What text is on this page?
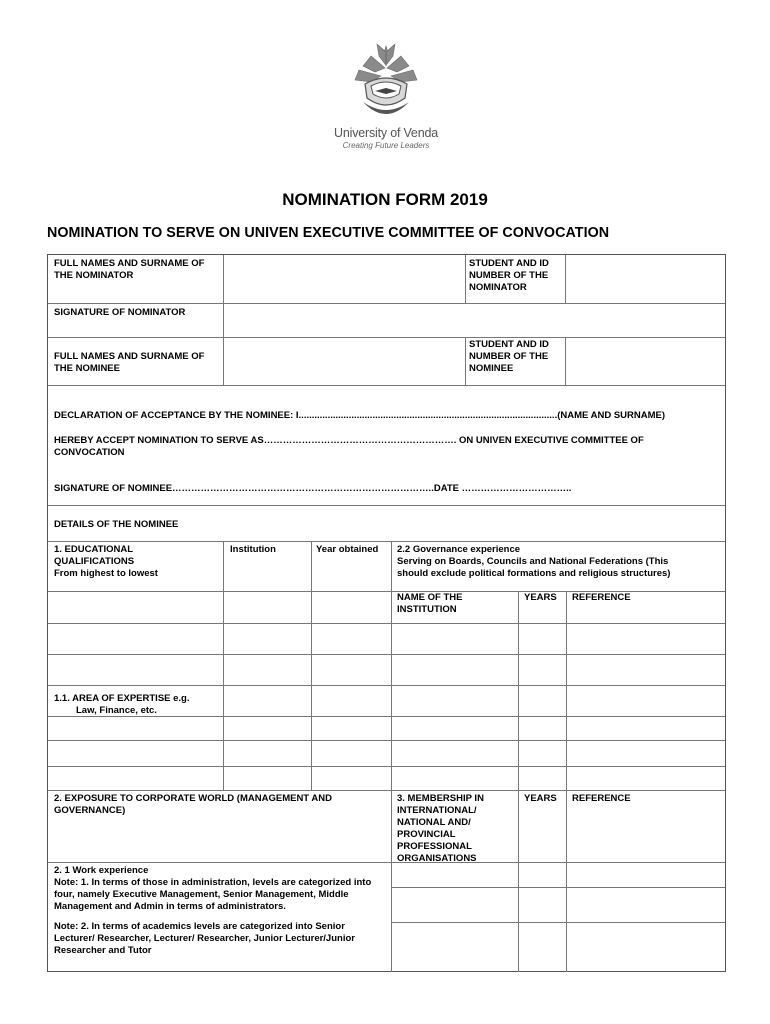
University of Venda
Creating Future Leaders
NOMINATION FORM 2019
NOMINATION TO SERVE ON UNIVEN EXECUTIVE COMMITTEE OF CONVOCATION
FULL NAMES AND SURNAME OF
THE NOMINATOR
STUDENT AND ID
NUMBER OF THE
NOMINATOR
SIGNATURE OF NOMINATOR
FULL NAMES AND SURNAME OF
THE NOMINEE
STUDENT AND ID
NUMBER OF THE
NOMINEE
DECLARATION OF ACCEPTANCE BY THE NOMINEE: I..................................................................................................(NAME AND SURNAME)
HEREBY ACCEPT NOMINATION TO SERVE AS……………………………………………………. ON UNIVEN EXECUTIVE COMMITTEE OF
CONVOCATION
SIGNATURE OF NOMINEE………………………………………………………………………..DATE ……………………………..
DETAILS OF THE NOMINEE
1. EDUCATIONAL
QUALIFICATIONS
From highest to lowest
Institution	Year obtained 2.2 Governance experience
Serving on Boards, Councils and National Federations (This
should exclude political formations and religious structures)
NAME OF THE
INSTITUTION
YEARS REFERENCE
1.1. AREA OF EXPERTISE e.g.
Law, Finance, etc.
2. EXPOSURE TO CORPORATE WORLD (MANAGEMENT AND
GOVERNANCE)
3. MEMBERSHIP IN
INTERNATIONAL/
NATIONAL AND/
PROVINCIAL
PROFESSIONAL
ORGANISATIONS
YEARS REFERENCE
2. 1 Work experience
Note: 1. In terms of those in administration, levels are categorized into
four, namely Executive Management, Senior Management, Middle
Management and Admin in terms of administrators.
Note: 2. In terms of academics levels are categorized into Senior
Lecturer/ Researcher, Lecturer/ Researcher, Junior Lecturer/Junior
Researcher and Tutor
